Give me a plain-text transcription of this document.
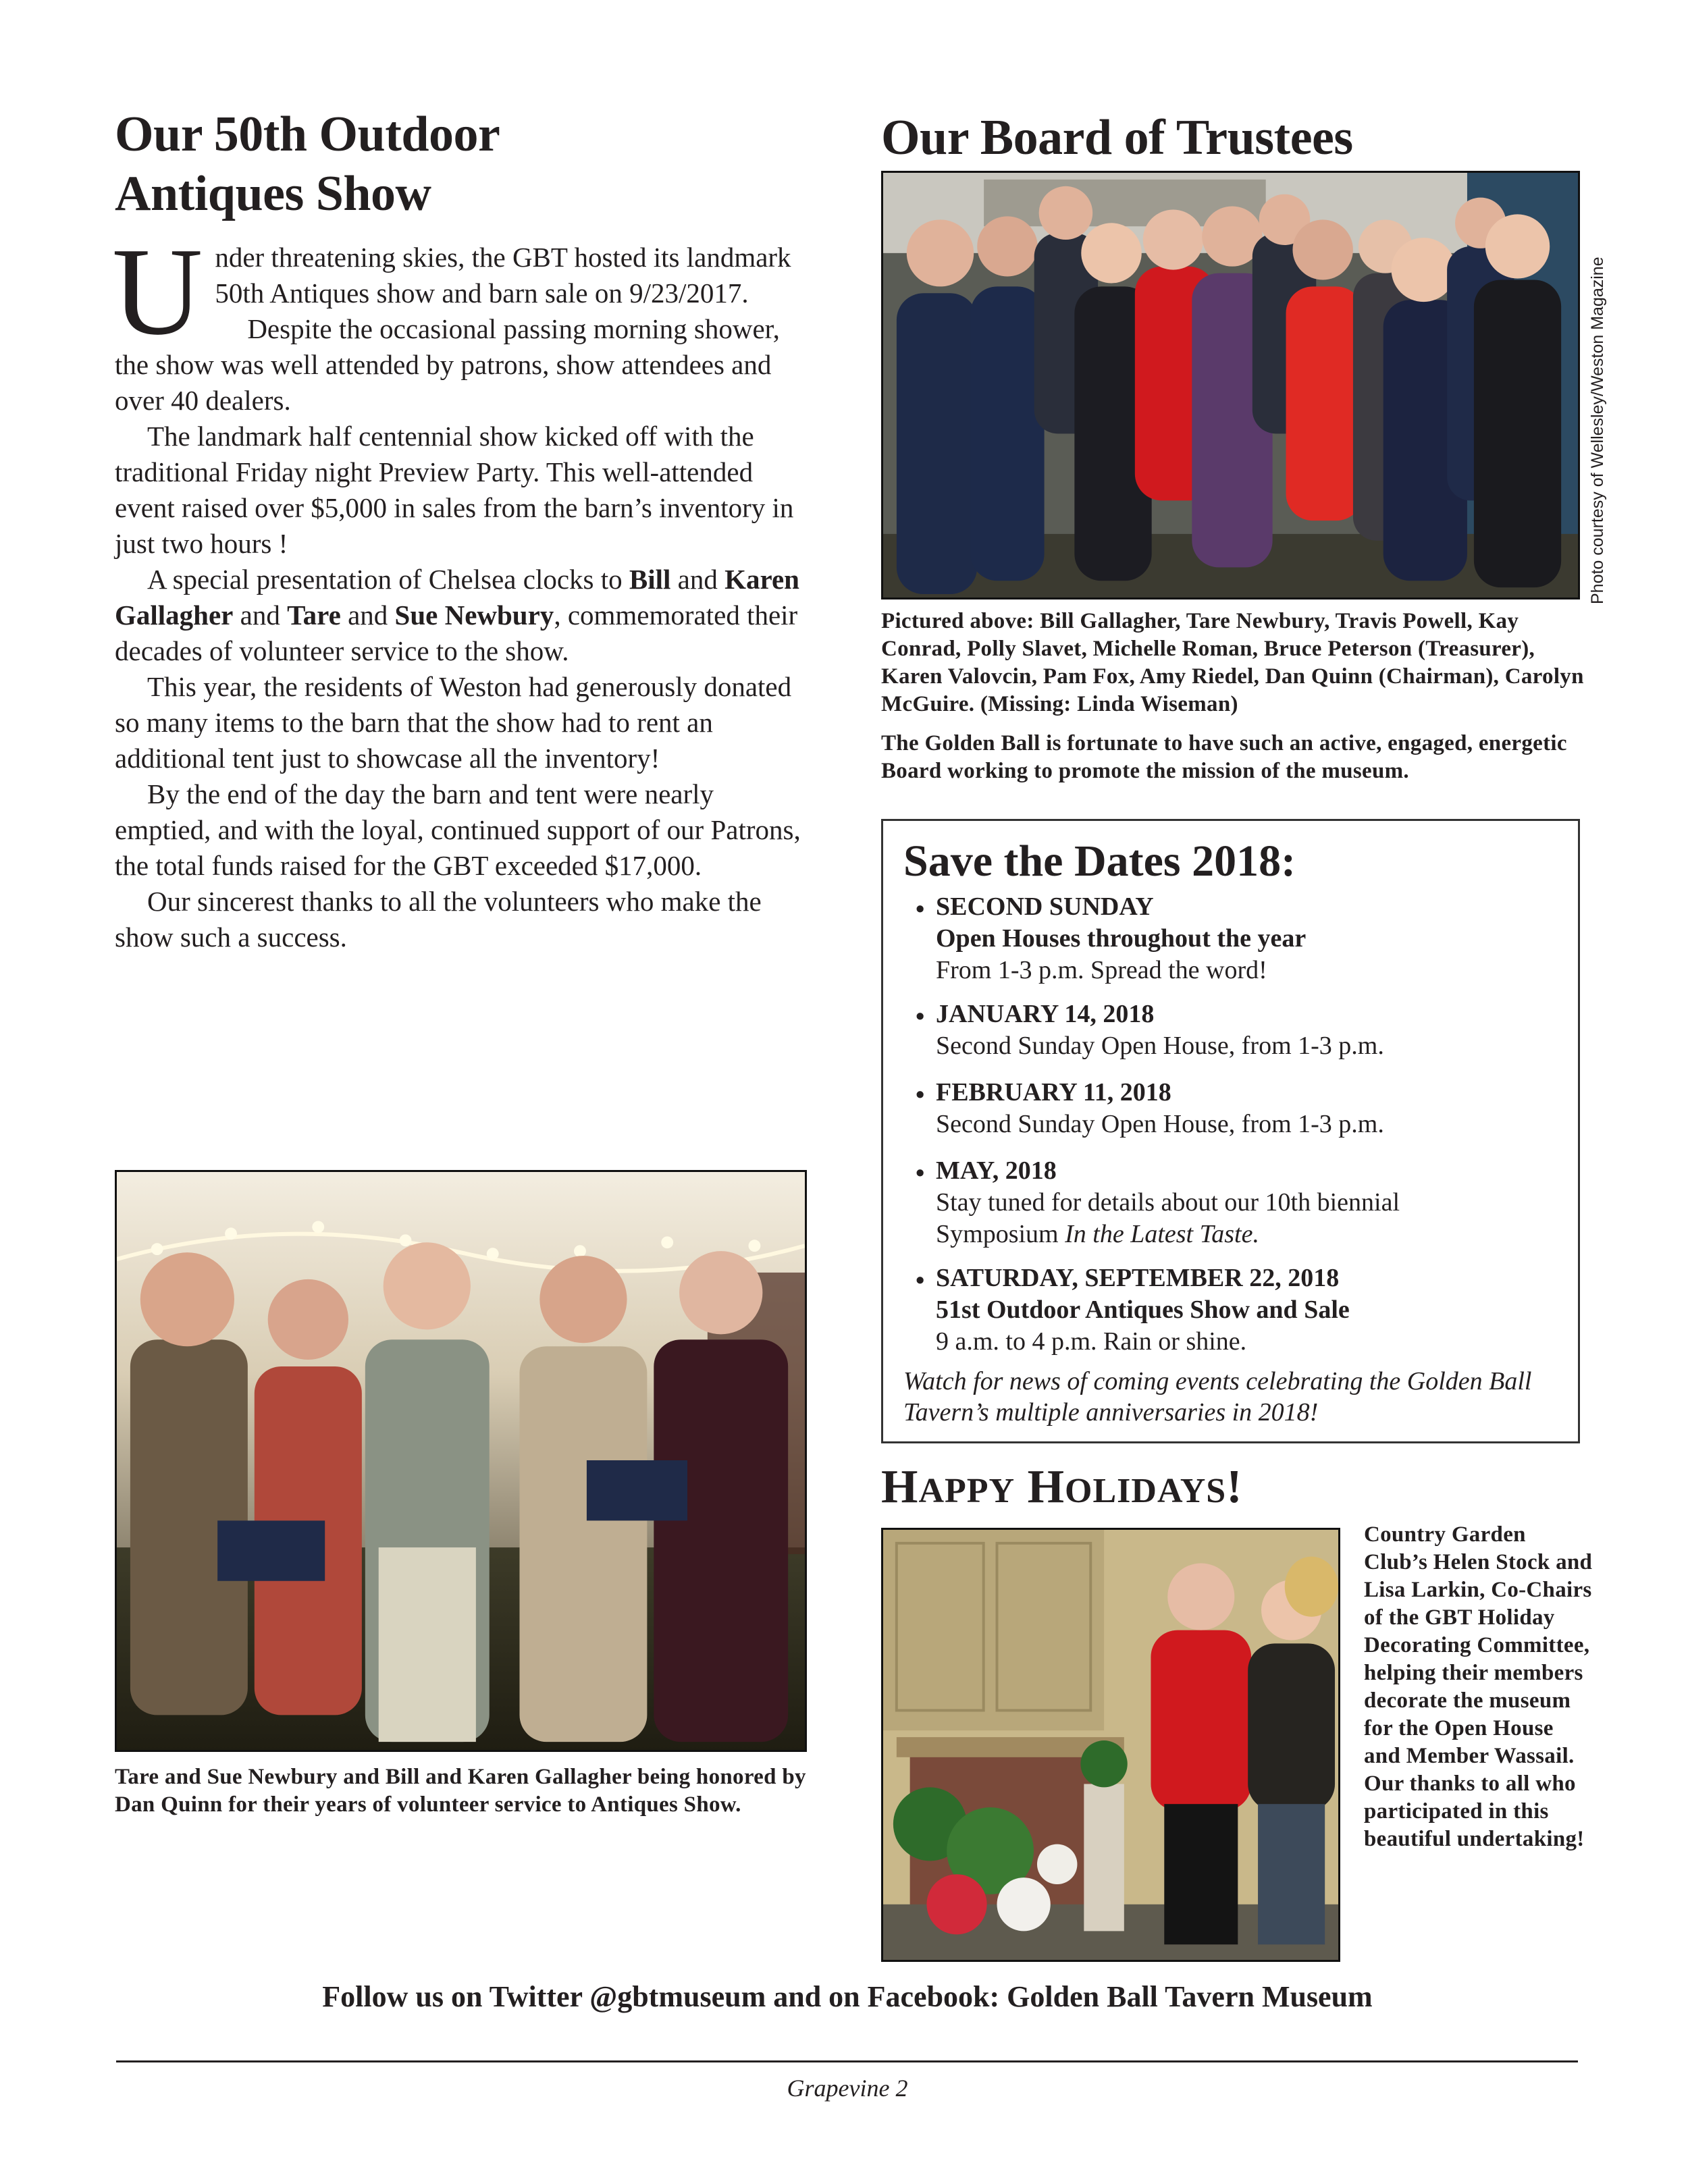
Our 50th Outdoor
Antiques Show

Under threatening skies, the GBT hosted its landmark 50th Antiques show and barn sale on 9/23/2017.

Despite the occasional passing morning shower, the show was well attended by patrons, show attendees and over 40 dealers.

The landmark half centennial show kicked off with the traditional Friday night Preview Party. This well-attended event raised over $5,000 in sales from the barn’s inventory in just two hours !

A special presentation of Chelsea clocks to Bill and Karen Gallagher and Tare and Sue Newbury, commemorated their decades of volunteer service to the show.

This year, the residents of Weston had generously donated so many items to the barn that the show had to rent an additional tent just to showcase all the inventory!

By the end of the day the barn and tent were nearly emptied, and with the loyal, continued support of our Patrons, the total funds raised for the GBT exceeded $17,000.

Our sincerest thanks to all the volunteers who make the show such a success.

Tare and Sue Newbury and Bill and Karen Gallagher being honored by Dan Quinn for their years of volunteer service to Antiques Show.
Our Board of Trustees
Photo courtesy of Wellesley/Weston Magazine
Pictured above: Bill Gallagher, Tare Newbury, Travis Powell, Kay Conrad, Polly Slavet, Michelle Roman, Bruce Peterson (Treasurer), Karen Valovcin, Pam Fox, Amy Riedel, Dan Quinn (Chairman), Carolyn McGuire. (Missing: Linda Wiseman)
The Golden Ball is fortunate to have such an active, engaged, energetic Board working to promote the mission of the museum.
Save the Dates 2018:
• SECOND SUNDAY
Open Houses throughout the year
From 1-3 p.m. Spread the word!
• JANUARY 14, 2018
Second Sunday Open House, from 1-3 p.m.
• FEBRUARY 11, 2018
Second Sunday Open House, from 1-3 p.m.
• MAY, 2018
Stay tuned for details about our 10th biennial
Symposium In the Latest Taste.
• SATURDAY, SEPTEMBER 22, 2018
51st Outdoor Antiques Show and Sale
9 a.m. to 4 p.m. Rain or shine.
Watch for news of coming events celebrating the Golden Ball Tavern’s multiple anniversaries in 2018!
HAPPY HOLIDAYS!
Country Garden Club’s Helen Stock and Lisa Larkin, Co-Chairs of the GBT Holiday Decorating Committee, helping their members decorate the museum for the Open House and Member Wassail. Our thanks to all who participated in this beautiful undertaking!
Follow us on Twitter @gbtmuseum and on Facebook: Golden Ball Tavern Museum
Grapevine 2
